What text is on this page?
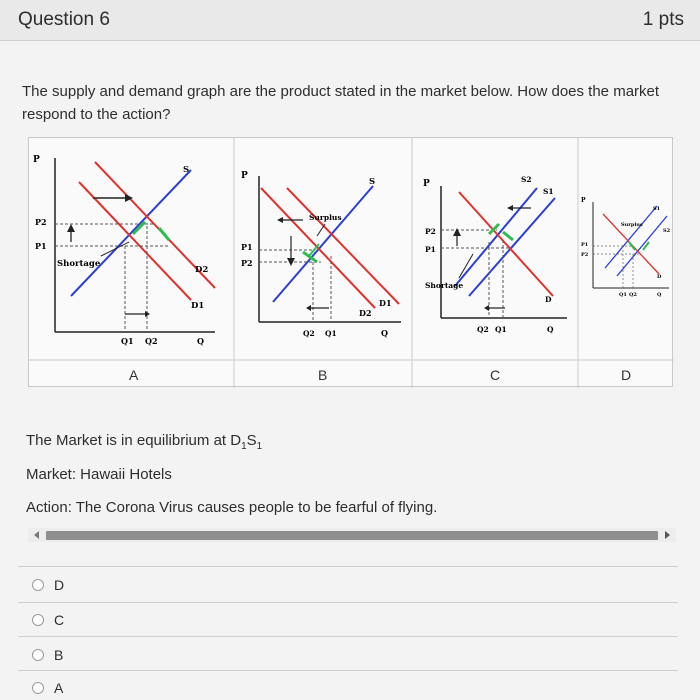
Question 6	1 pts
The supply and demand graph are the product stated in the market below. How does the market respond to the action?
P
P2
P1
Shortage
S
D2
D1
Q1 Q2	Q
P
P1
P2
Surplus
S
D1
D2
Q2 Q1	Q
P
P2
P1
Shortage
S2
S1
D
Q2 Q1	Q
P
P1
P2
Surplus
S1
S2
D
Q1 Q2	Q
A	B	C	D
The Market is in equilibrium at $D_1S_1$
Market: Hawaii Hotels
Action: The Corona Virus causes people to be fearful of flying.
D
C
B
A
